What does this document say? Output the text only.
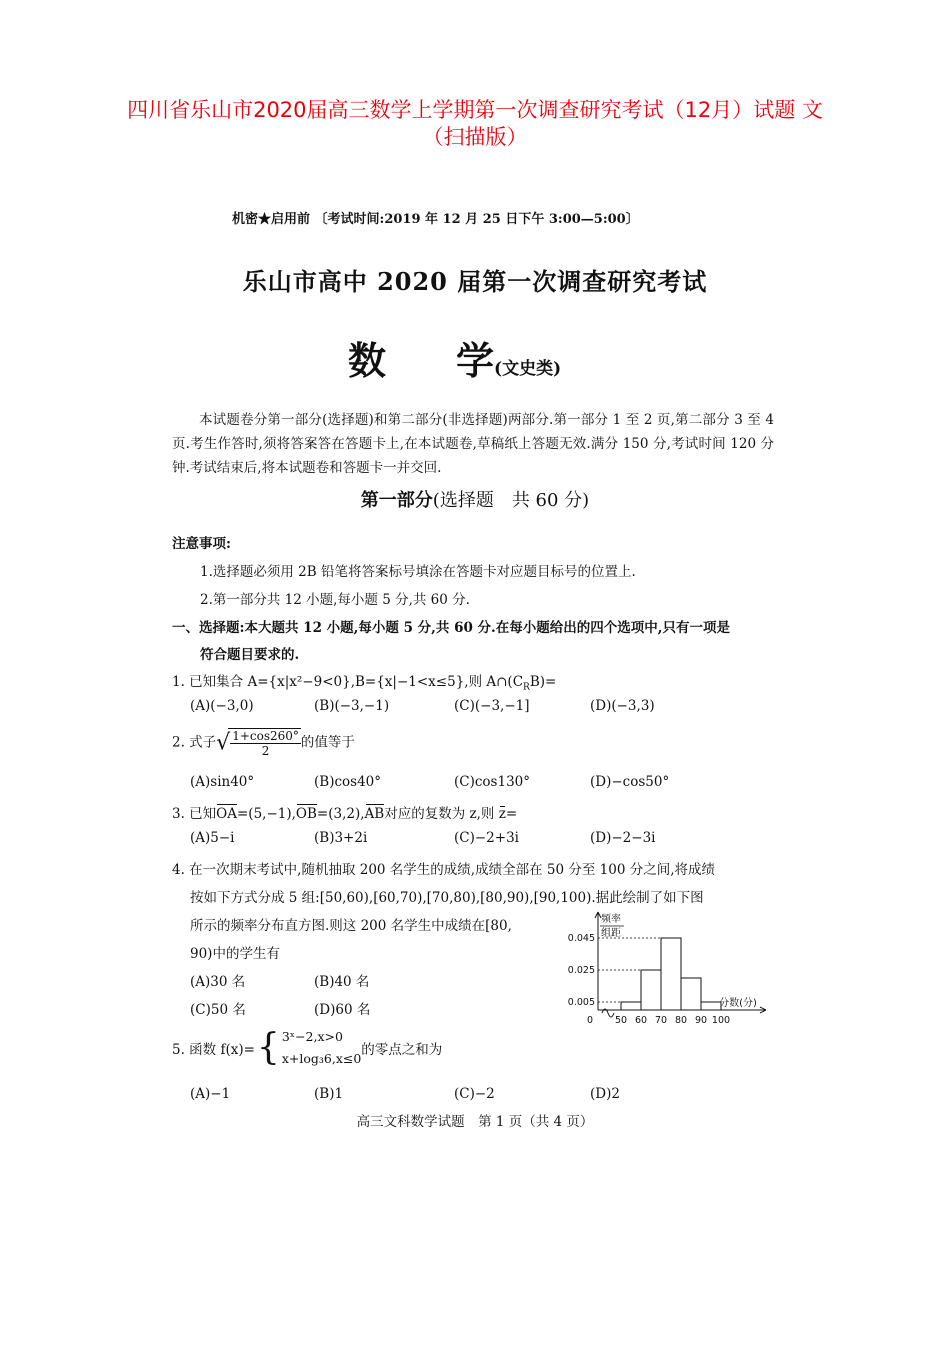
四川省乐山市2020届高三数学上学期第一次调查研究考试（12月）试题 文
（扫描版）
机密★启用前 〔考试时间:2019 年 12 月 25 日下午 3:00—5:00〕
乐山市高中 2020 届第一次调查研究考试
数 学(文史类)
本试题卷分第一部分(选择题)和第二部分(非选择题)两部分.第一部分 1 至 2 页,第二部分 3 至 4 页.考生作答时,须将答案答在答题卡上,在本试题卷,草稿纸上答题无效.满分 150 分,考试时间 120 分钟.考试结束后,将本试题卷和答题卡一并交回.
第一部分(选择题　共 60 分)
注意事项:
1.选择题必须用 2B 铅笔将答案标号填涂在答题卡对应题目标号的位置上.
2.第一部分共 12 小题,每小题 5 分,共 60 分.
一、选择题:本大题共 12 小题,每小题 5 分,共 60 分.在每小题给出的四个选项中,只有一项是
符合题目要求的.
1. 已知集合 A={x|x²−9<0},B={x|−1<x≤5},则 $A\cap(C_RB)=$
(A)(−3,0)	(B)(−3,−1)	(C)(−3,−1]	(D)(−3,3)
2. 式子√ $\frac{1+\cos 260^\circ}{2}$ 的值等于
(A)sin40°	(B)cos40°	(C)cos130°	(D)−cos50°
3. 已知OA=(5,−1),OB=(3,2),AB对应的复数为 z,则 z=
(A)5−i	(B)3+2i	(C)−2+3i	(D)−2−3i
4. 在一次期末考试中,随机抽取 200 名学生的成绩,成绩全部在 50 分至 100 分之间,将成绩
按如下方式分成 5 组:[50,60),[60,70),[70,80),[80,90),[90,100).据此绘制了如下图
所示的频率分布直方图.则这 200 名学生中成绩在[80,
90)中的学生有
(A)30 名	(B)40 名
(C)50 名	(D)60 名
频率
组距
0.005
0.025
0.045
50 60 70 80 90 100
0
分数(分)
5. 函数 f(x)={ 3ˣ−2,x>0
x+log₃6,x≤0
的零点之和为
(A)−1	(B)1	(C)−2	(D)2
高三文科数学试题　第 1 页（共 4 页）
